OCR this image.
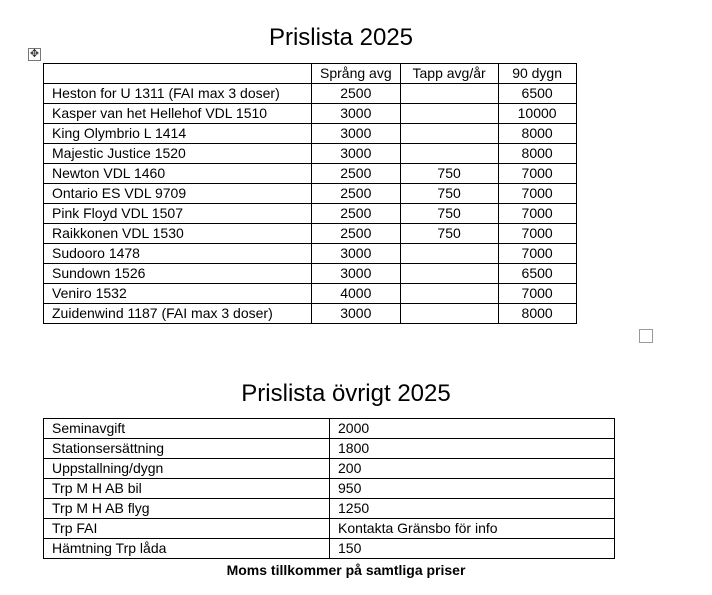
Prislista 2025
✥
	Språng avg	Tapp avg/år	90 dygn
Heston for U 1311 (FAI max 3 doser)	2500		6500
Kasper van het Hellehof VDL 1510	3000		10000
King Olymbrio L 1414	3000		8000
Majestic Justice 1520	3000		8000
Newton VDL 1460	2500	750	7000
Ontario ES VDL 9709	2500	750	7000
Pink Floyd VDL 1507	2500	750	7000
Raikkonen VDL 1530	2500	750	7000
Sudooro 1478	3000		7000
Sundown 1526	3000		6500
Veniro 1532	4000		7000
Zuidenwind 1187 (FAI max 3 doser)	3000		8000
Prislista övrigt 2025
Seminavgift	2000
Stationsersättning	1800
Uppstallning/dygn	200
Trp M H AB bil	950
Trp M H AB flyg	1250
Trp FAI	Kontakta Gränsbo för info
Hämtning Trp låda	150
Moms tillkommer på samtliga priser
